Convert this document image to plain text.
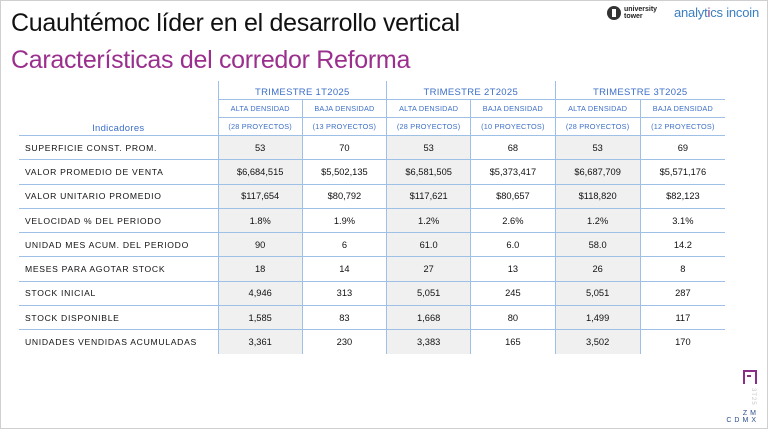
Cuauhtémoc líder en el desarrollo vertical
Características del corredor Reforma
university tower	analytics incoin
Indicadores	TRIMESTRE 1T2025		TRIMESTRE 2T2025		TRIMESTRE 3T2025	
	ALTA DENSIDAD	BAJA DENSIDAD	ALTA DENSIDAD	BAJA DENSIDAD	ALTA DENSIDAD	BAJA DENSIDAD
	(28 PROYECTOS)	(13 PROYECTOS)	(28 PROYECTOS)	(10 PROYECTOS)	(28 PROYECTOS)	(12 PROYECTOS)
SUPERFICIE CONST. PROM.	53	70	53	68	53	69
VALOR PROMEDIO DE VENTA	$6,684,515	$5,502,135	$6,581,505	$5,373,417	$6,687,709	$5,571,176
VALOR UNITARIO PROMEDIO	$117,654	$80,792	$117,621	$80,657	$118,820	$82,123
VELOCIDAD % DEL PERIODO	1.8%	1.9%	1.2%	2.6%	1.2%	3.1%
UNIDAD MES ACUM. DEL PERIODO	90	6	61.0	6.0	58.0	14.2
MESES PARA AGOTAR STOCK	18	14	27	13	26	8
STOCK INICIAL	4,946	313	5,051	245	5,051	287
STOCK DISPONIBLE	1,585	83	1,668	80	1,499	117
UNIDADES VENDIDAS ACUMULADAS	3,361	230	3,383	165	3,502	170
3T25
ZM
CDMX
